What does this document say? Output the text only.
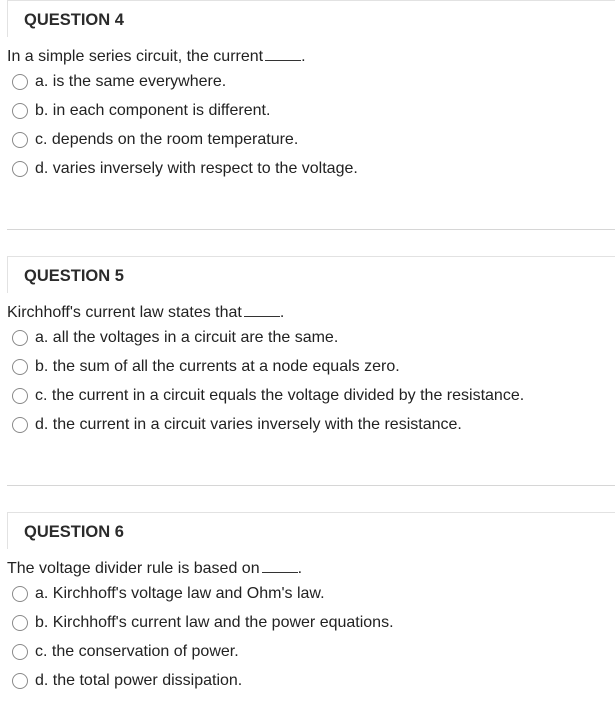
QUESTION 4
In a simple series circuit, the current .
a. is the same everywhere.
b. in each component is different.
c. depends on the room temperature.
d. varies inversely with respect to the voltage.
QUESTION 5
Kirchhoff's current law states that .
a. all the voltages in a circuit are the same.
b. the sum of all the currents at a node equals zero.
c. the current in a circuit equals the voltage divided by the resistance.
d. the current in a circuit varies inversely with the resistance.
QUESTION 6
The voltage divider rule is based on .
a. Kirchhoff's voltage law and Ohm's law.
b. Kirchhoff's current law and the power equations.
c. the conservation of power.
d. the total power dissipation.
